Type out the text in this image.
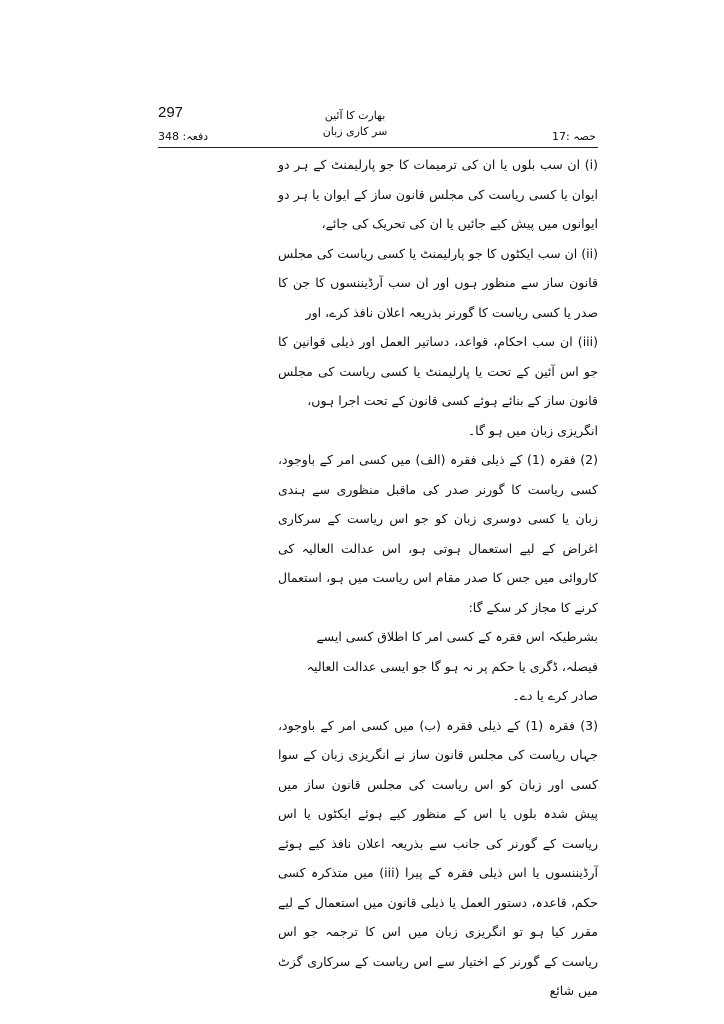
297	بھارت کا آئین
سر کاری زبان
دفعہ: 348	حصہ :17

(i) ان سب بلوں یا ان کی ترمیمات کا جو پارلیمنٹ کے ہر دو ایوان یا کسی ریاست کی مجلس قانون ساز کے ایوان یا ہر دو ایوانوں میں پیش کیے جائیں یا ان کی تحریک کی جائے،

(ii) ان سب ایکٹوں کا جو پارلیمنٹ یا کسی ریاست کی مجلس قانون ساز سے منظور ہوں اور ان سب آرڈیننسوں کا جن کا صدر یا کسی ریاست کا گورنر بذریعہ اعلان نافذ کرے، اور

(iii) ان سب احکام، قواعد، دساتیر العمل اور ذیلی قوانین کا جو اس آئین کے تحت یا پارلیمنٹ یا کسی ریاست کی مجلس قانون ساز کے بنائے ہوئے کسی قانون کے تحت اجرا ہوں،

انگریزی زبان میں ہو گا۔

(2) فقرہ (1) کے ذیلی فقرہ (الف) میں کسی امر کے باوجود، کسی ریاست کا گورنر صدر کی ماقبل منظوری سے ہندی زبان یا کسی دوسری زبان کو جو اس ریاست کے سرکاری اغراض کے لیے استعمال ہوتی ہو، اس عدالت العالیہ کی کاروائی میں جس کا صدر مقام اس ریاست میں ہو، استعمال کرنے کا مجاز کر سکے گا:

بشرطیکہ اس فقرہ کے کسی امر کا اطلاق کسی ایسے فیصلہ، ڈگری یا حکم پر نہ ہو گا جو ایسی عدالت العالیہ صادر کرے یا دے۔

(3) فقرہ (1) کے ذیلی فقرہ (ب) میں کسی امر کے باوجود، جہاں ریاست کی مجلس قانون ساز نے انگریزی زبان کے سوا کسی اور زبان کو اس ریاست کی مجلس قانون ساز میں پیش شدہ بلوں یا اس کے منظور کیے ہوئے ایکٹوں یا اس ریاست کے گورنر کی جانب سے بذریعہ اعلان نافذ کیے ہوئے آرڈیننسوں یا اس ذیلی فقرہ کے پیرا (iii) میں متذکرہ کسی حکم، قاعدہ، دستور العمل یا ذیلی قانون میں استعمال کے لیے مقرر کیا ہو تو انگریزی زبان میں اس کا ترجمہ جو اس ریاست کے گورنر کے اختیار سے اس ریاست کے سرکاری گزٹ میں شائع
